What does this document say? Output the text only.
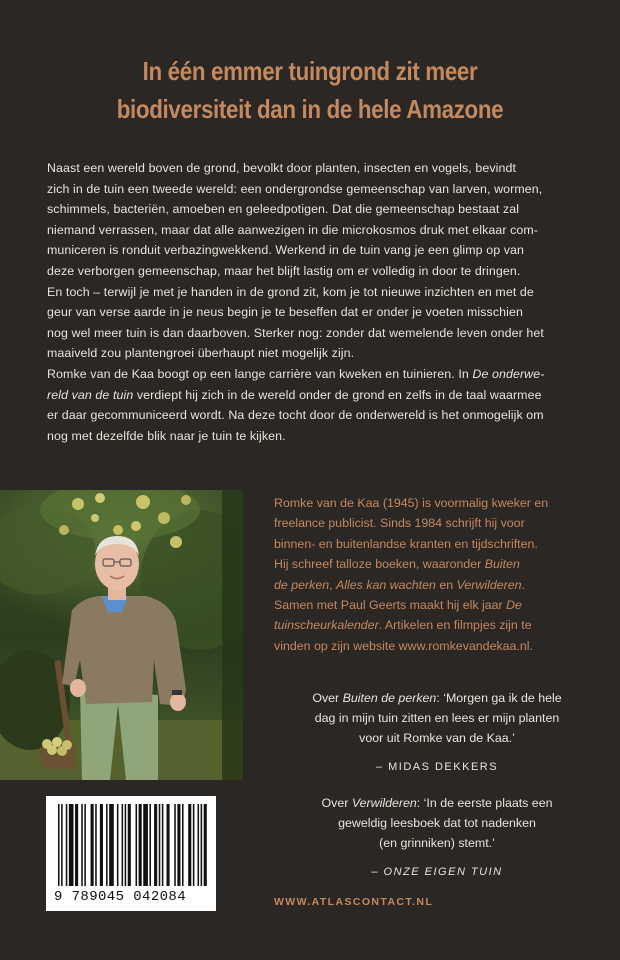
In één emmer tuingrond zit meer
biodiversiteit dan in de hele Amazone
Naast een wereld boven de grond, bevolkt door planten, insecten en vogels, bevindt
zich in de tuin een tweede wereld: een ondergrondse gemeenschap van larven, wormen,
schimmels, bacteriën, amoeben en geleedpotigen. Dat die gemeenschap bestaat zal
niemand verrassen, maar dat alle aanwezigen in die microkosmos druk met elkaar com-
municeren is ronduit verbazingwekkend. Werkend in de tuin vang je een glimp op van
deze verborgen gemeenschap, maar het blijft lastig om er volledig in door te dringen.
En toch – terwijl je met je handen in de grond zit, kom je tot nieuwe inzichten en met de
geur van verse aarde in je neus begin je te beseffen dat er onder je voeten misschien
nog wel meer tuin is dan daarboven. Sterker nog: zonder dat wemelende leven onder het
maaiveld zou plantengroei überhaupt niet mogelijk zijn.
Romke van de Kaa boogt op een lange carrière van kweken en tuinieren. In De onderwe-
reld van de tuin verdiept hij zich in de wereld onder de grond en zelfs in de taal waarmee
er daar gecommuniceerd wordt. Na deze tocht door de onderwereld is het onmogelijk om
nog met dezelfde blik naar je tuin te kijken.
Romke van de Kaa (1945) is voormalig kweker en
freelance publicist. Sinds 1984 schrijft hij voor
binnen- en buitenlandse kranten en tijdschriften.
Hij schreef talloze boeken, waaronder Buiten
de perken, Alles kan wachten en Verwilderen.
Samen met Paul Geerts maakt hij elk jaar De
tuinscheurkalender. Artikelen en filmpjes zijn te
vinden op zijn website www.romkevandekaa.nl.
Over Buiten de perken: ‘Morgen ga ik de hele
dag in mijn tuin zitten en lees er mijn planten
voor uit Romke van de Kaa.’
– MIDAS DEKKERS
Over Verwilderen: ‘In de eerste plaats een
geweldig leesboek dat tot nadenken
(en grinniken) stemt.’
– ONZE EIGEN TUIN
9 789045 042084	WWW.ATLASCONTACT.NL
